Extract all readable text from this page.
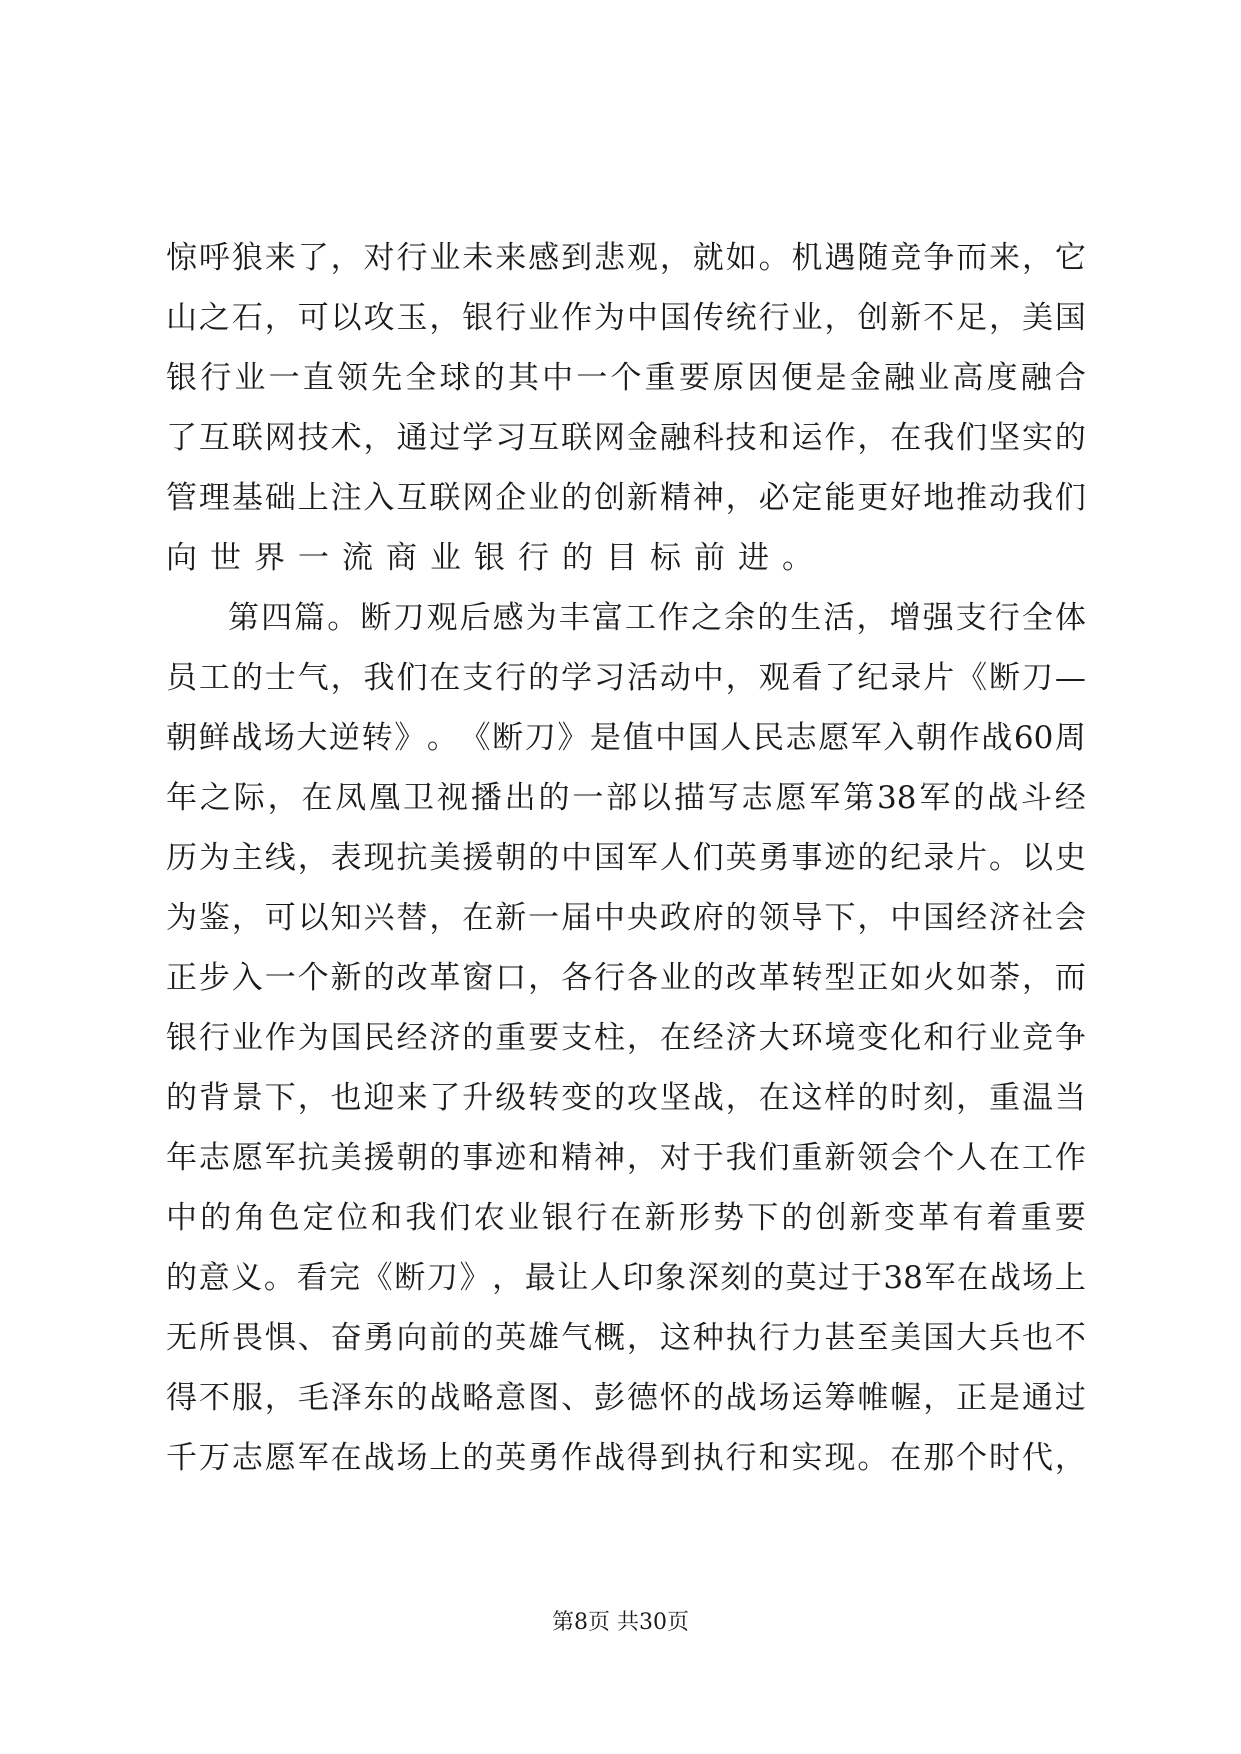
惊 呼 狼 来 了 ， 对 行 业 未 来 感 到 悲 观 ， 就 如 。 机 遇 随 竞 争 而 来 ， 它
山 之 石 ， 可 以 攻 玉 ， 银 行 业 作 为 中 国 传 统 行 业 ， 创 新 不 足 ， 美 国
银 行 业 一 直 领 先 全 球 的 其 中 一 个 重 要 原 因 便 是 金 融 业 高 度 融 合
了 互 联 网 技 术 ， 通 过 学 习 互 联 网 金 融 科 技 和 运 作 ， 在 我 们 坚 实 的
管 理 基 础 上 注 入 互 联 网 企 业 的 创 新 精 神 ， 必 定 能 更 好 地 推 动 我 们
向 世 界 一 流 商 业 银 行 的 目 标 前 进 。
第 四 篇 。 断 刀 观 后 感 为 丰 富 工 作 之 余 的 生 活 ， 增 强 支 行 全 体
员 工 的 士 气 ， 我 们 在 支 行 的 学 习 活 动 中 ， 观 看 了 纪 录 片 《 断 刀 —
朝 鲜 战 场 大 逆 转 》 。 《 断 刀 》 是 值 中 国 人 民 志 愿 军 入 朝 作 战 60 周
年 之 际 ， 在 凤 凰 卫 视 播 出 的 一 部 以 描 写 志 愿 军 第 38 军 的 战 斗 经
历 为 主 线 ， 表 现 抗 美 援 朝 的 中 国 军 人 们 英 勇 事 迹 的 纪 录 片 。 以 史
为 鉴 ， 可 以 知 兴 替 ， 在 新 一 届 中 央 政 府 的 领 导 下 ， 中 国 经 济 社 会
正 步 入 一 个 新 的 改 革 窗 口 ， 各 行 各 业 的 改 革 转 型 正 如 火 如 荼 ， 而
银 行 业 作 为 国 民 经 济 的 重 要 支 柱 ， 在 经 济 大 环 境 变 化 和 行 业 竞 争
的 背 景 下 ， 也 迎 来 了 升 级 转 变 的 攻 坚 战 ， 在 这 样 的 时 刻 ， 重 温 当
年 志 愿 军 抗 美 援 朝 的 事 迹 和 精 神 ， 对 于 我 们 重 新 领 会 个 人 在 工 作
中 的 角 色 定 位 和 我 们 农 业 银 行 在 新 形 势 下 的 创 新 变 革 有 着 重 要
的 意 义 。 看 完 《 断 刀 》 ， 最 让 人 印 象 深 刻 的 莫 过 于 38 军 在 战 场 上
无 所 畏 惧 、 奋 勇 向 前 的 英 雄 气 概 ， 这 种 执 行 力 甚 至 美 国 大 兵 也 不
得 不 服 ， 毛 泽 东 的 战 略 意 图 、 彭 德 怀 的 战 场 运 筹 帷 幄 ， 正 是 通 过
千 万 志 愿 军 在 战 场 上 的 英 勇 作 战 得 到 执 行 和 实 现 。 在 那 个 时 代 ，
第8页 共30页
